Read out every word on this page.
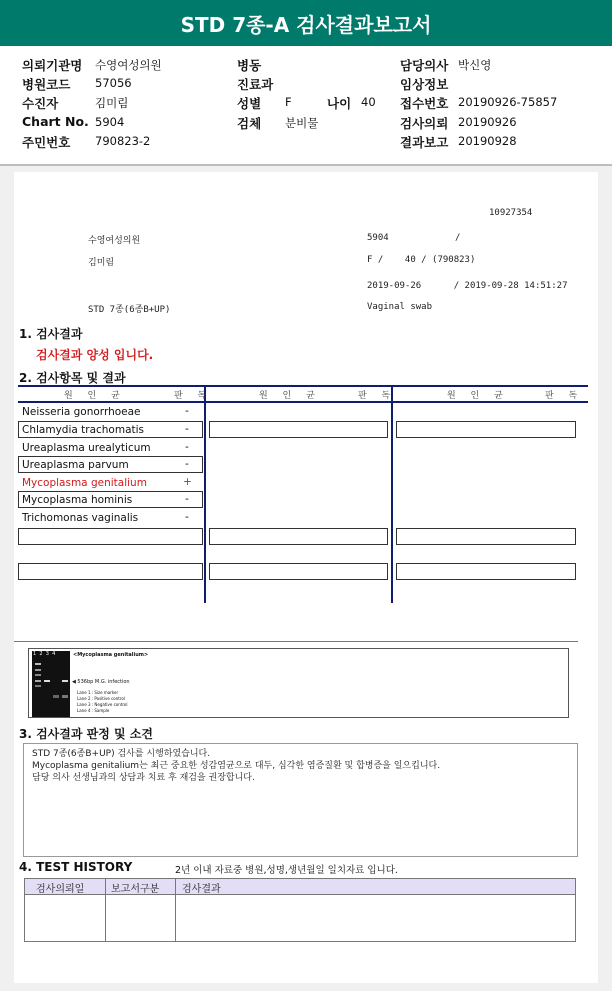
STD 7종-A 검사결과보고서
의뢰기관명 수영여성의원
병원코드 57056
수진자	김미림
Chart No. 5904
주민번호 790823-2
병동
진료과
성별 F	나이 40
검체 분비물
담당의사 박신영
임상정보
접수번호 20190926-75857
검사의뢰 20190926
결과보고 20190928
10927354
수영여성의원	5904	/
김미림	F /    40 / (790823)
2019-09-26      / 2019-09-28 14:51:27
STD 7종(6종B+UP)	Vaginal swab
1. 검사결과
검사결과 양성 입니다.
2. 검사항목 및 결과
원 인 균	판 독	원 인 균	판 독	원 인 균	판 독
Neisseria gonorrhoeae	-
Chlamydia trachomatis	-
Ureaplasma urealyticum	-
Ureaplasma parvum	-
Mycoplasma genitalium	+
Mycoplasma hominis	-
Trichomonas vaginalis	-
1  2  3  4	<Mycoplasma genitalium>
◀ 536bp M.G. infection
Lane 1 : Size marker
Lane 2 : Positive control
Lane 3 : Negative control
Lane 4 : Sample
3. 검사결과 판정 및 소견
STD 7종(6종B+UP) 검사를 시행하였습니다.
Mycoplasma genitalium는 최근 중요한 성감염균으로 대두, 심각한 염증질환 및 합병증을 일으킵니다.
담당 의사 선생님과의 상담과 치료 후 재검을 권장합니다.
4. TEST HISTORY	2년 이내 자료중 병원,성명,생년월일 일치자료 입니다.
검사의뢰일	보고서구분 검사결과
